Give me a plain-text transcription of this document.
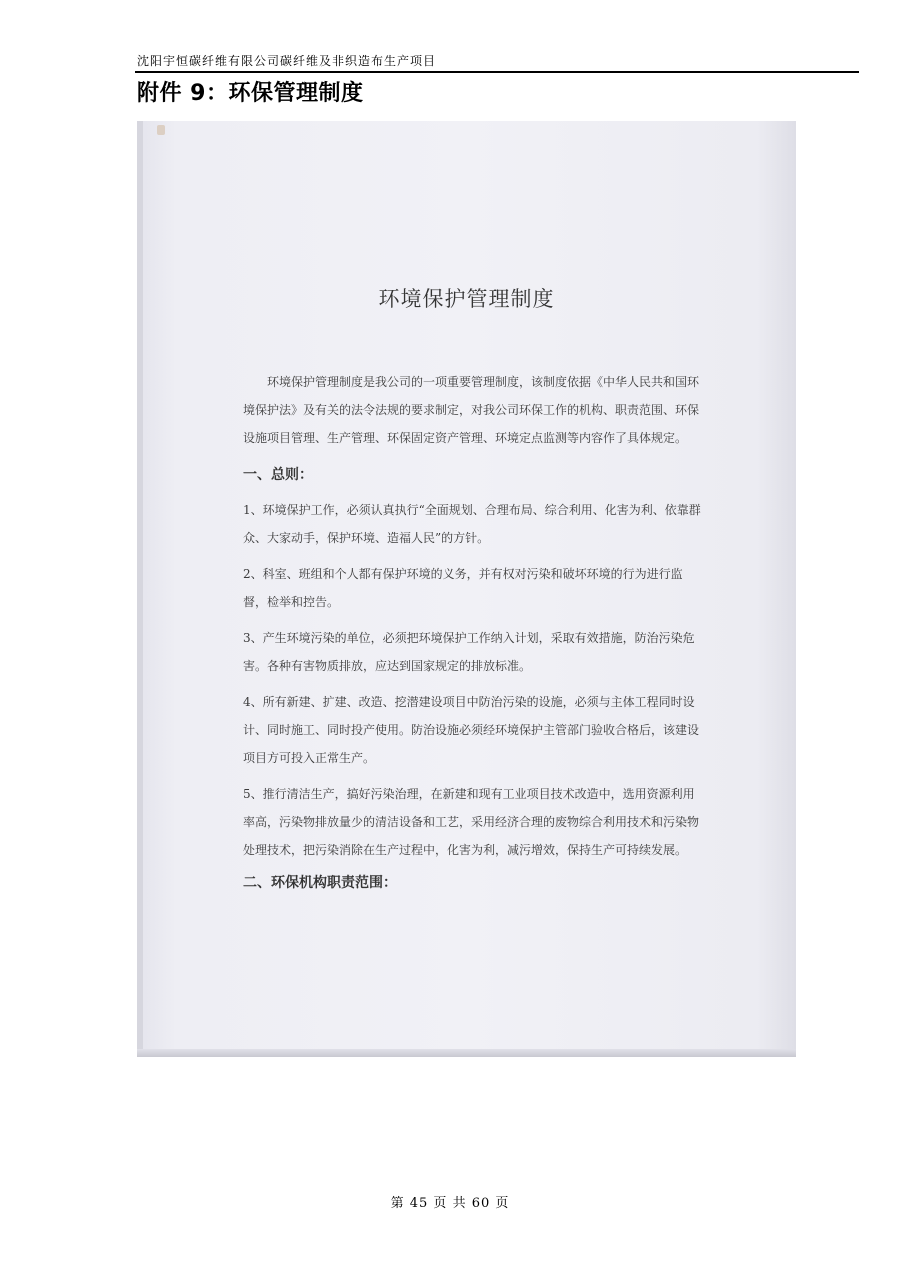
沈阳宇恒碳纤维有限公司碳纤维及非织造布生产项目
附件 9：环保管理制度
环境保护管理制度

环境保护管理制度是我公司的一项重要管理制度，该制度依据《中华人民共和国环境保护法》及有关的法令法规的要求制定，对我公司环保工作的机构、职责范围、环保设施项目管理、生产管理、环保固定资产管理、环境定点监测等内容作了具体规定。

一、总则：

1、环境保护工作，必须认真执行“全面规划、合理布局、综合利用、化害为利、依靠群众、大家动手，保护环境、造福人民”的方针。

2、科室、班组和个人都有保护环境的义务，并有权对污染和破坏环境的行为进行监督，检举和控告。

3、产生环境污染的单位，必须把环境保护工作纳入计划，采取有效措施，防治污染危害。各种有害物质排放，应达到国家规定的排放标准。

4、所有新建、扩建、改造、挖潜建设项目中防治污染的设施，必须与主体工程同时设计、同时施工、同时投产使用。防治设施必须经环境保护主管部门验收合格后，该建设项目方可投入正常生产。

5、推行清洁生产，搞好污染治理，在新建和现有工业项目技术改造中，选用资源利用率高，污染物排放量少的清洁设备和工艺，采用经济合理的废物综合利用技术和污染物处理技术，把污染消除在生产过程中，化害为利，减污增效，保持生产可持续发展。

二、环保机构职责范围：

第 45 页 共 60 页
